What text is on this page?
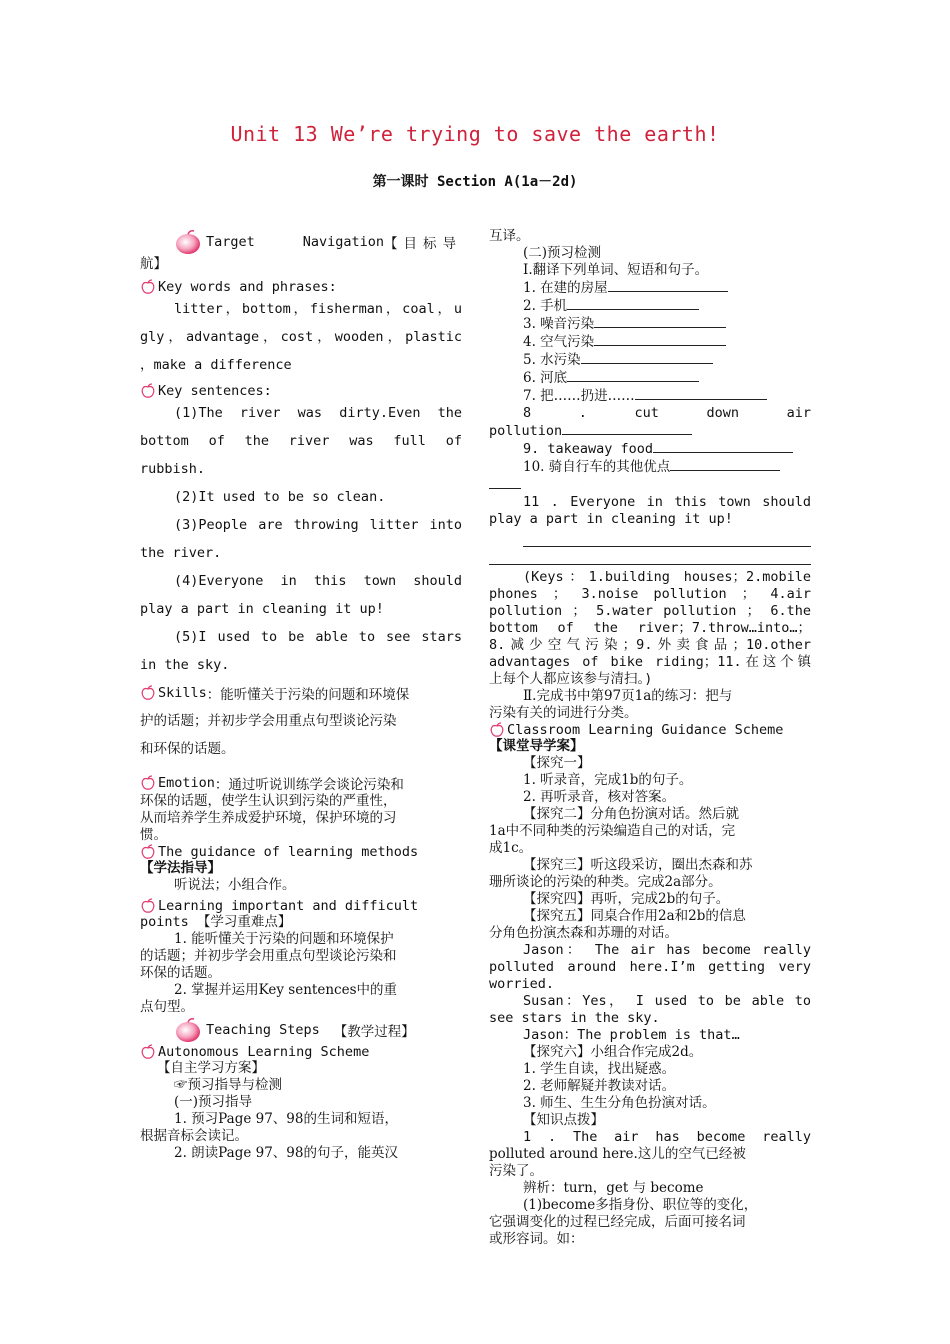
Unit 13 We’re trying to save the earth!
第一课时 Section A(1a－2d)
Target Navigation 【目标导

航】

Key words and phrases:

litter，bottom，fisherman，coal，u

gly，advantage，cost，wooden，plastic

，make a difference

Key sentences:

(1)The river was dirty.Even the

bottom of the river was full of

rubbish.

(2)It used to be so clean.

(3)People are throwing litter into

the river.

(4)Everyone in this town should

play a part in cleaning it up!

(5)I used to be able to see stars

in the sky.

Skills ：能听懂关于污染的问题和环境保

护的话题；并初步学会用重点句型谈论污染

和环保的话题。

Emotion ：通过听说训练学会谈论污染和

环保的话题，使学生认识到污染的严重性，

从而培养学生养成爱护环境，保护环境的习

惯。

The guidance of learning methods

【学法指导】

听说法；小组合作。

Learning important and difficult

points 【学习重难点】

1. 能听懂关于污染的问题和环境保护

的话题；并初步学会用重点句型谈论污染和

环保的话题。

2. 掌握并运用Key sentences中的重

点句型。

Teaching Steps 【教学过程】
Autonomous Learning Scheme

【自主学习方案】

☞预习指导与检测

(一)预习指导

1. 预习Page 97、98的生词和短语，

根据音标会读记。

2. 朗读Page 97、98的句子，能英汉

互译。

(二)预习检测

Ⅰ.翻译下列单词、短语和句子。

1. 在建的房屋

2. 手机

3. 噪音污染

4. 空气污染

5. 水污染

6. 河底

7. 把……扔进……

8 . cut down air

pollution

9. takeaway food

10. 骑自行车的其他优点

11 . Everyone in this town should

play a part in cleaning it up!

(Keys：1.building houses；2.mobile

phones ； 3.noise pollution ； 4.air

pollution ； 5.water pollution ； 6.the

bottom of the river；7.throw…into…；

8.减少空气污染；9.外卖食品；10.other

advantages of bike riding；11.在这个镇

上每个人都应该参与清扫。)

Ⅱ.完成书中第97页1a的练习：把与

污染有关的词进行分类。

Classroom Learning Guidance Scheme

【课堂导学案】

【探究一】

1. 听录音，完成1b的句子。

2. 再听录音，核对答案。

【探究二】分角色扮演对话。然后就

1a中不同种类的污染编造自己的对话，完

成1c。

【探究三】听这段采访，圈出杰森和苏

珊所谈论的污染的种类。完成2a部分。

【探究四】再听，完成2b的句子。

【探究五】同桌合作用2a和2b的信息

分角色扮演杰森和苏珊的对话。

Jason： The air has become really

polluted around here.I’m getting very

worried.

Susan：Yes， I used to be able to

see stars in the sky.

Jason：The problem is that…

【探究六】小组合作完成2d。

1. 学生自读，找出疑惑。

2. 老师解疑并教读对话。

3. 师生、生生分角色扮演对话。

【知识点拨】

1 . The air has become really

polluted around here.这儿的空气已经被

污染了。

辨析：turn，get 与 become

(1)become多指身份、职位等的变化，

它强调变化的过程已经完成，后面可接名词

或形容词。如：
